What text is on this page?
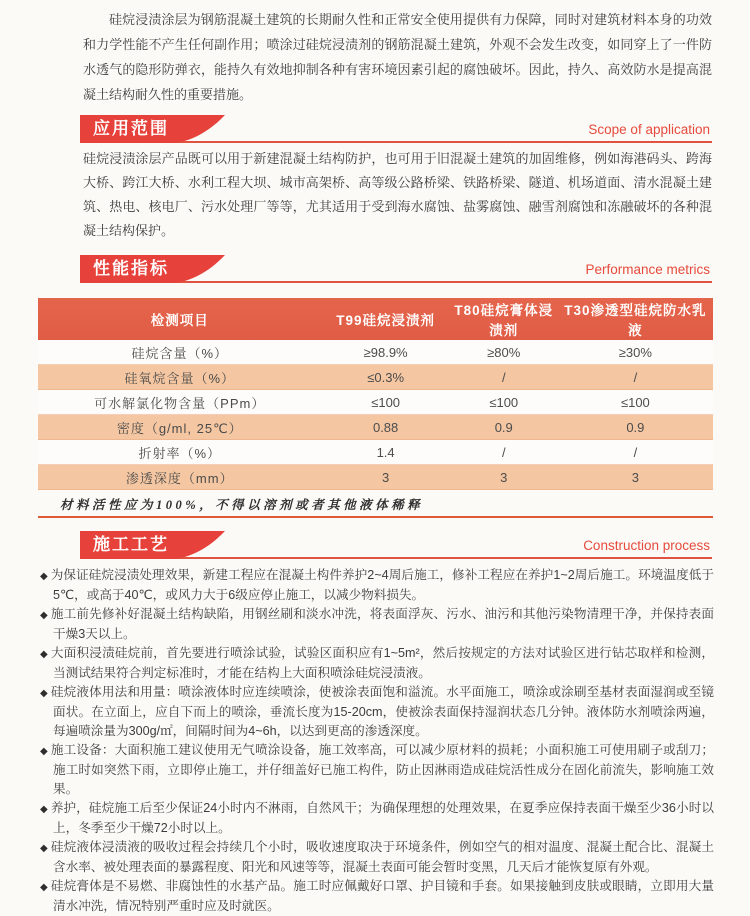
硅烷浸渍涂层为钢筋混凝土建筑的长期耐久性和正常安全使用提供有力保障，同时对建筑材料本身的功效和力学性能不产生任何副作用；喷涂过硅烷浸渍剂的钢筋混凝土建筑，外观不会发生改变，如同穿上了一件防水透气的隐形防弹衣，能持久有效地抑制各种有害环境因素引起的腐蚀破坏。因此，持久、高效防水是提高混凝土结构耐久性的重要措施。

应用范围	Scope of application

硅烷浸渍涂层产品既可以用于新建混凝土结构防护，也可用于旧混凝土建筑的加固维修，例如海港码头、跨海大桥、跨江大桥、水利工程大坝、城市高架桥、高等级公路桥梁、铁路桥梁、隧道、机场道面、清水混凝土建筑、热电、核电厂、污水处理厂等等，尤其适用于受到海水腐蚀、盐雾腐蚀、融雪剂腐蚀和冻融破坏的各种混凝土结构保护。

性能指标	Performance metrics
检测项目	T99硅烷浸渍剂	T80硅烷膏体浸渍剂	T30渗透型硅烷防水乳液
硅烷含量（%）	≥98.9%	≥80%	≥30%
硅氧烷含量（%）	≤0.3%	/	/
可水解氯化物含量（PPm）	≤100	≤100	≤100
密度（g/ml, 25℃）	0.88	0.9	0.9
折射率（%）	1.4	/	/
渗透深度（mm）	3	3	3
材料活性应为100%，不得以溶剂或者其他液体稀释
施工工艺	Construction process
◆ 为保证硅烷浸渍处理效果，新建工程应在混凝土构件养护2~4周后施工，修补工程应在养护1~2周后施工。环境温度低于5℃，或高于40℃，或风力大于6级应停止施工，以减少物料损失。
◆ 施工前先修补好混凝土结构缺陷，用钢丝刷和淡水冲洗，将表面浮灰、污水、油污和其他污染物清理干净，并保持表面干燥3天以上。
◆ 大面积浸渍硅烷前，首先要进行喷涂试验，试验区面积应有1~5m²，然后按规定的方法对试验区进行钻芯取样和检测，当测试结果符合判定标准时，才能在结构上大面积喷涂硅烷浸渍液。
◆ 硅烷液体用法和用量：喷涂液体时应连续喷涂，使被涂表面饱和溢流。水平面施工，喷涂或涂刷至基材表面湿润或至镜面状。在立面上，应自下而上的喷涂，垂流长度为15-20cm，使被涂表面保持湿润状态几分钟。液体防水剂喷涂两遍，每遍喷涂量为300g/㎡，间隔时间为4~6h，以达到更高的渗透深度。
◆ 施工设备：大面积施工建议使用无气喷涂设备，施工效率高，可以减少原材料的损耗；小面积施工可使用刷子或刮刀；施工时如突然下雨，立即停止施工，并仔细盖好已施工构件，防止因淋雨造成硅烷活性成分在固化前流失，影响施工效果。
◆ 养护，硅烷施工后至少保证24小时内不淋雨，自然风干；为确保理想的处理效果，在夏季应保持表面干燥至少36小时以上，冬季至少干燥72小时以上。
◆ 硅烷液体浸渍液的吸收过程会持续几个小时，吸收速度取决于环境条件，例如空气的相对温度、混凝土配合比、混凝土含水率、被处理表面的暴露程度、阳光和风速等等，混凝土表面可能会暂时变黑，几天后才能恢复原有外观。
◆ 硅烷膏体是不易燃、非腐蚀性的水基产品。施工时应佩戴好口罩、护目镜和手套。如果接触到皮肤或眼睛，立即用大量清水冲洗，情况特别严重时应及时就医。
